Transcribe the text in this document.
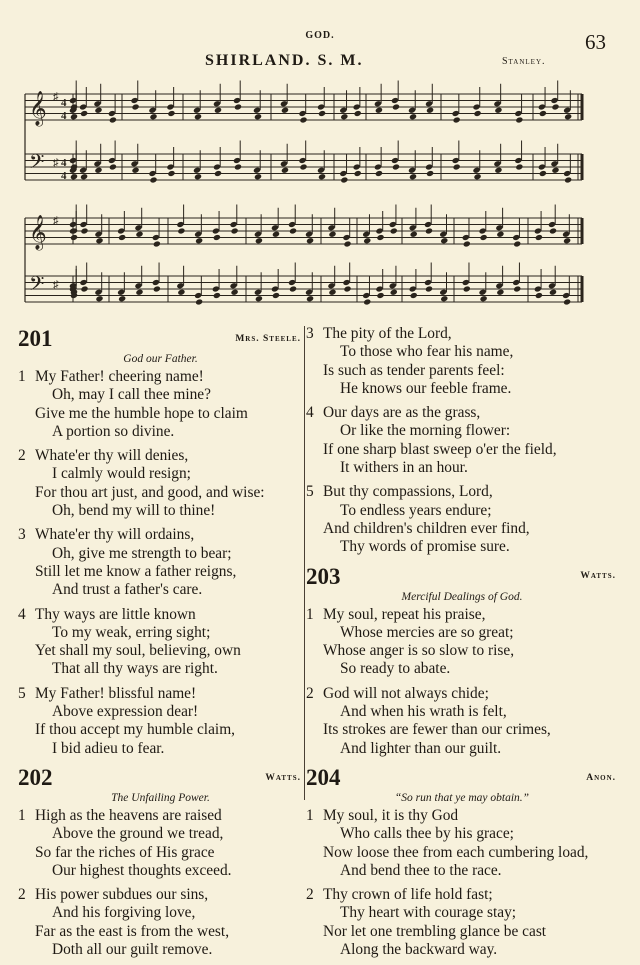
GOD.	63
SHIRLAND. S. M.	Stanley.
𝄞 ♯ 4
4
𝄢 ♯ 4
4
𝄞 ♯
𝄢 ♯
201	Mrs. Steele.
God our Father.
1 My Father! cheering name!
Oh, may I call thee mine?
Give me the humble hope to claim
A portion so divine.
2 Whate'er thy will denies,
I calmly would resign;
For thou art just, and good, and wise:
Oh, bend my will to thine!
3 Whate'er thy will ordains,
Oh, give me strength to bear;
Still let me know a father reigns,
And trust a father's care.
4 Thy ways are little known
To my weak, erring sight;
Yet shall my soul, believing, own
That all thy ways are right.
5 My Father! blissful name!
Above expression dear!
If thou accept my humble claim,
I bid adieu to fear.
202	Watts.
The Unfailing Power.
1 High as the heavens are raised
Above the ground we tread,
So far the riches of His grace
Our highest thoughts exceed.
2 His power subdues our sins,
And his forgiving love,
Far as the east is from the west,
Doth all our guilt remove.
3 The pity of the Lord,
To those who fear his name,
Is such as tender parents feel:
He knows our feeble frame.
4 Our days are as the grass,
Or like the morning flower:
If one sharp blast sweep o'er the field,
It withers in an hour.
5 But thy compassions, Lord,
To endless years endure;
And children's children ever find,
Thy words of promise sure.
203	Watts.
Merciful Dealings of God.
1 My soul, repeat his praise,
Whose mercies are so great;
Whose anger is so slow to rise,
So ready to abate.
2 God will not always chide;
And when his wrath is felt,
Its strokes are fewer than our crimes,
And lighter than our guilt.
204	Anon.
“So run that ye may obtain.”
1 My soul, it is thy God
Who calls thee by his grace;
Now loose thee from each cumbering load,
And bend thee to the race.
2 Thy crown of life hold fast;
Thy heart with courage stay;
Nor let one trembling glance be cast
Along the backward way.
